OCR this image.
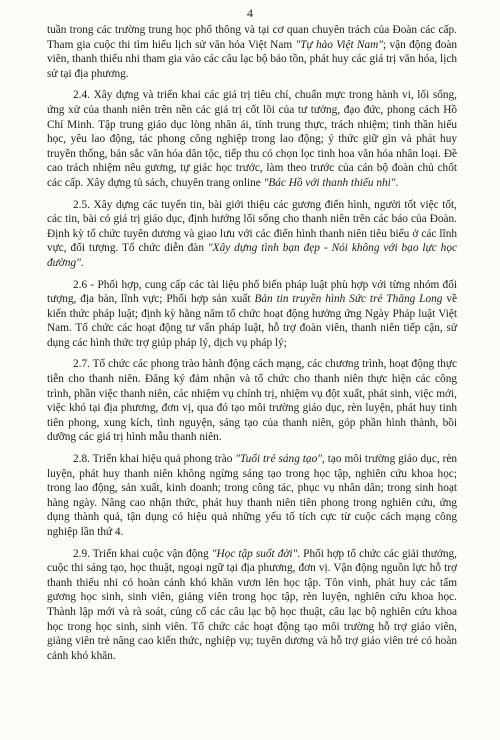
4

tuần trong các trường trung học phổ thông và tại cơ quan chuyên trách của Đoàn các cấp. Tham gia cuộc thi tìm hiểu lịch sử văn hóa Việt Nam "Tự hào Việt Nam"; vận động đoàn viên, thanh thiếu nhi tham gia vào các câu lạc bộ bảo tồn, phát huy các giá trị văn hóa, lịch sử tại địa phương.

2.4. Xây dựng và triển khai các giá trị tiêu chí, chuẩn mực trong hành vi, lối sống, ứng xử của thanh niên trên nền các giá trị cốt lõi của tư tưởng, đạo đức, phong cách Hồ Chí Minh. Tập trung giáo dục lòng nhân ái, tính trung thực, trách nhiệm; tinh thần hiếu học, yêu lao động, tác phong công nghiệp trong lao động; ý thức giữ gìn và phát huy truyền thống, bản sắc văn hóa dân tộc, tiếp thu có chọn lọc tinh hoa văn hóa nhân loại. Đề cao trách nhiệm nêu gương, tự giác học trước, làm theo trước của cán bộ đoàn chủ chốt các cấp. Xây dựng tủ sách, chuyên trang online "Bác Hồ với thanh thiếu nhi".

2.5. Xây dựng các tuyến tin, bài giới thiệu các gương điển hình, người tốt việc tốt, các tin, bài có giá trị giáo dục, định hướng lối sống cho thanh niên trên các báo của Đoàn. Định kỳ tổ chức tuyên dương và giao lưu với các điển hình thanh niên tiêu biểu ở các lĩnh vực, đối tượng. Tổ chức diễn đàn "Xây dựng tình bạn đẹp - Nói không với bạo lực học đường".

2.6 - Phối hợp, cung cấp các tài liệu phổ biến pháp luật phù hợp với từng nhóm đối tượng, địa bàn, lĩnh vực; Phối hợp sản xuất Bản tin truyền hình Sức trẻ Thăng Long về kiến thức pháp luật; định kỳ hằng năm tổ chức hoạt động hưởng ứng Ngày Pháp luật Việt Nam. Tổ chức các hoạt động tư vấn pháp luật, hỗ trợ đoàn viên, thanh niên tiếp cận, sử dụng các hình thức trợ giúp pháp lý, dịch vụ pháp lý;

2.7. Tổ chức các phong trào hành động cách mạng, các chương trình, hoạt động thực tiễn cho thanh niên. Đăng ký đảm nhận và tổ chức cho thanh niên thực hiện các công trình, phần việc thanh niên, các nhiệm vụ chính trị, nhiệm vụ đột xuất, phát sinh, việc mới, việc khó tại địa phương, đơn vị, qua đó tạo môi trường giáo dục, rèn luyện, phát huy tinh tiên phong, xung kích, tình nguyện, sáng tạo của thanh niên, góp phần hình thành, bồi dưỡng các giá trị hình mẫu thanh niên.

2.8. Triển khai hiệu quả phong trào "Tuổi trẻ sáng tạo", tạo môi trường giáo dục, rèn luyện, phát huy thanh niên không ngừng sáng tạo trong học tập, nghiên cứu khoa học; trong lao động, sản xuất, kinh doanh; trong công tác, phục vụ nhân dân; trong sinh hoạt hàng ngày. Nâng cao nhận thức, phát huy thanh niên tiên phong trong nghiên cứu, ứng dụng thành quả, tận dụng có hiệu quả những yếu tố tích cực từ cuộc cách mạng công nghiệp lần thứ 4.

2.9. Triển khai cuộc vận động "Học tập suốt đời". Phối hợp tổ chức các giải thưởng, cuộc thi sáng tạo, học thuật, ngoại ngữ tại địa phương, đơn vị. Vận động nguồn lực hỗ trợ thanh thiếu nhi có hoàn cảnh khó khăn vươn lên học tập. Tôn vinh, phát huy các tấm gương học sinh, sinh viên, giảng viên trong học tập, rèn luyện, nghiên cứu khoa học. Thành lập mới và rà soát, củng cố các câu lạc bộ học thuật, câu lạc bộ nghiên cứu khoa học trong học sinh, sinh viên. Tổ chức các hoạt động tạo môi trường hỗ trợ giáo viên, giảng viên trẻ nâng cao kiến thức, nghiệp vụ; tuyên dương và hỗ trợ giáo viên trẻ có hoàn cảnh khó khăn.
